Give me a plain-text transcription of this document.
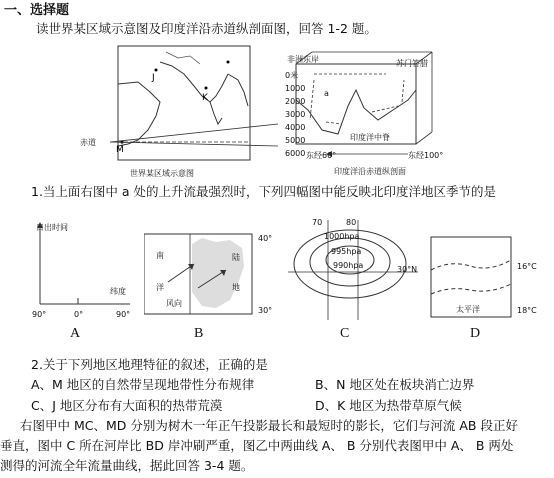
一、选择题
读世界某区域示意图及印度洋沿赤道纵剖面图，回答 1-2 题。
J
K
M
赤道
世界某区域示意图
非洲东岸	苏门答腊
0米
1000
2000
3000
4000
5000
6000
a
印度洋中脊
东经60°	东经100°
印度洋沿赤道纵剖面
1.当上面右图中 a 处的上升流最强烈时，下列四幅图中能反映北印度洋地区季节的是
日出时间
纬度
90°	0°	90°
A
南
洋
风向
陆
地
40°
30°
B
70	80
1000hpa
995hpa
990hpa	30°N
C
16°C
18°C
太平洋
D
2.关于下列地区地理特征的叙述，正确的是
A、M 地区的自然带呈现地带性分布规律	B、N 地区处在板块消亡边界
C、J 地区分布有大面积的热带荒漠	D、K 地区为热带草原气候
右图甲中 MC、MD 分别为树木一年正午投影最长和最短时的影长，它们与河流 AB 段正好
垂直，图中 C 所在河岸比 BD 岸冲刷严重，图乙中两曲线 A、 B 分别代表图甲中 A、 B 两处
测得的河流全年流量曲线，据此回答 3-4 题。
